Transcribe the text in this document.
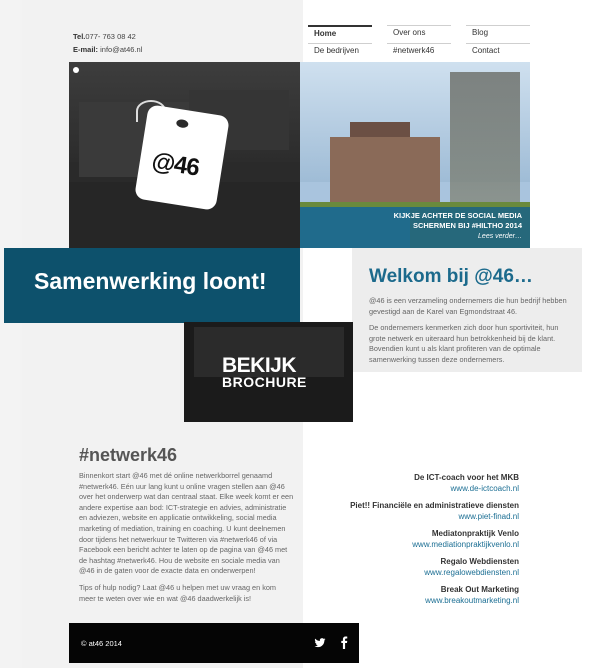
Tel.077- 763 08 42
E-mail: info@at46.nl
Home	Over ons	Blog
De bedrijven	#netwerk46	Contact
@46
KIJKJE ACHTER DE SOCIAL MEDIA
SCHERMEN BIJ #HILTHO 2014
Lees verder…
Samenwerking loont!	Welkom bij @46…

@46 is een verzameling ondernemers die hun bedrijf hebben gevestigd aan de Karel van Egmondstraat 46.

De ondernemers kenmerken zich door hun sportiviteit, hun grote netwerk en uiteraard hun betrokkenheid bij de klant. Bovendien kunt u als klant profiteren van de optimale samenwerking tussen deze ondernemers.

BEKIJK
BROCHURE
#netwerk46

Binnenkort start @46 met dé online netwerkborrel genaamd #netwerk46. Eén uur lang kunt u online vragen stellen aan @46 over het onderwerp wat dan centraal staat. Elke week komt er een andere expertise aan bod: ICT-strategie en advies, administratie en adviezen, website en applicatie ontwikkeling, social media marketing of mediation, training en coaching. U kunt deelnemen door tijdens het netwerkuur te Twitteren via #netwerk46 of via Facebook een bericht achter te laten op de pagina van @46 met de hashtag #netwerk46. Hou de website en sociale media van @46 in de gaten voor de exacte data en onderwerpen!

Tips of hulp nodig? Laat @46 u helpen met uw vraag en kom meer te weten over wie en wat @46 daadwerkelijk is!

De ICT-coach voor het MKB
www.de-ictcoach.nl
Piet!! Financiële en administratieve diensten
www.piet-finad.nl
Mediatonpraktijk Venlo
www.mediationpraktijkvenlo.nl
Regalo Webdiensten
www.regalowebdiensten.nl
Break Out Marketing
www.breakoutmarketing.nl
© at46 2014
